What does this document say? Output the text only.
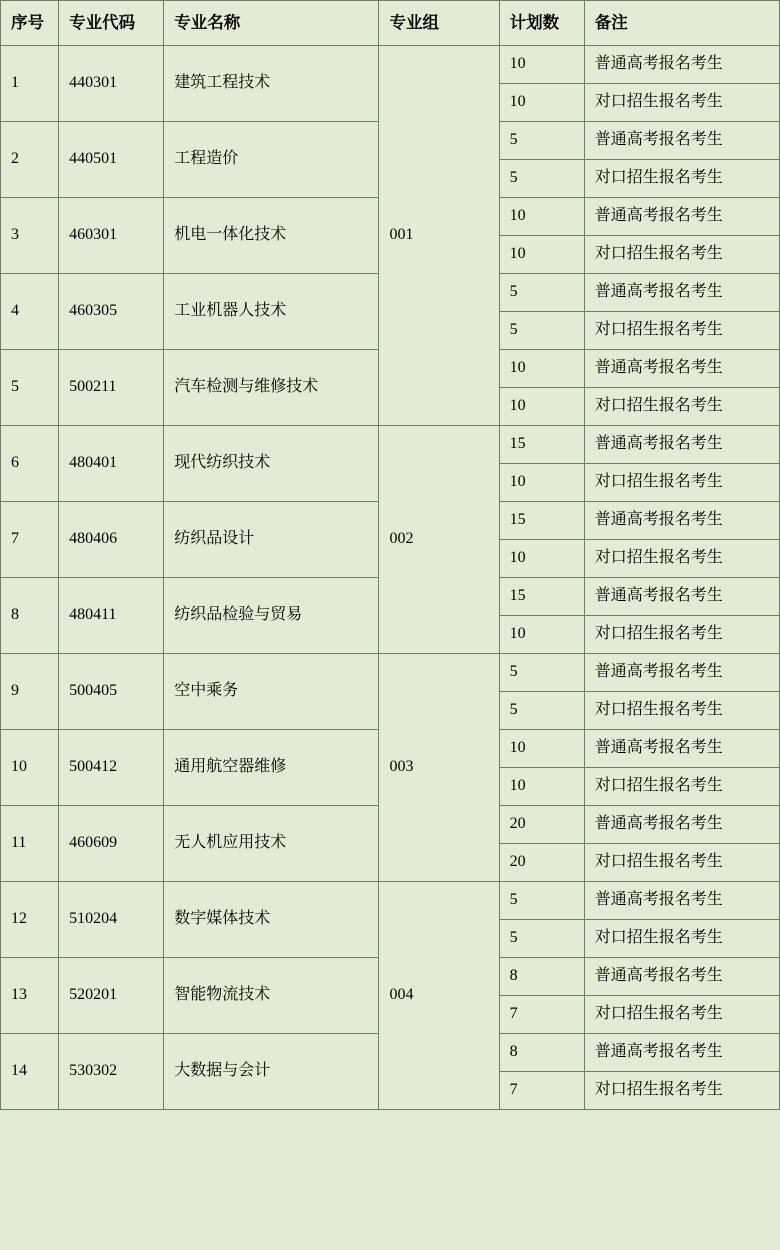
序号	专业代码	专业名称	专业组	计划数	备注
1	440301	建筑工程技术	001	10	普通高考报名考生
				10	对口招生报名考生
2	440501	工程造价		5	普通高考报名考生
				5	对口招生报名考生
3	460301	机电一体化技术		10	普通高考报名考生
				10	对口招生报名考生
4	460305	工业机器人技术		5	普通高考报名考生
				5	对口招生报名考生
5	500211	汽车检测与维修技术		10	普通高考报名考生
				10	对口招生报名考生
6	480401	现代纺织技术	002	15	普通高考报名考生
				10	对口招生报名考生
7	480406	纺织品设计		15	普通高考报名考生
				10	对口招生报名考生
8	480411	纺织品检验与贸易		15	普通高考报名考生
				10	对口招生报名考生
9	500405	空中乘务	003	5	普通高考报名考生
				5	对口招生报名考生
10	500412	通用航空器维修		10	普通高考报名考生
				10	对口招生报名考生
11	460609	无人机应用技术		20	普通高考报名考生
				20	对口招生报名考生
12	510204	数字媒体技术	004	5	普通高考报名考生
				5	对口招生报名考生
13	520201	智能物流技术		8	普通高考报名考生
				7	对口招生报名考生
14	530302	大数据与会计		8	普通高考报名考生
				7	对口招生报名考生
